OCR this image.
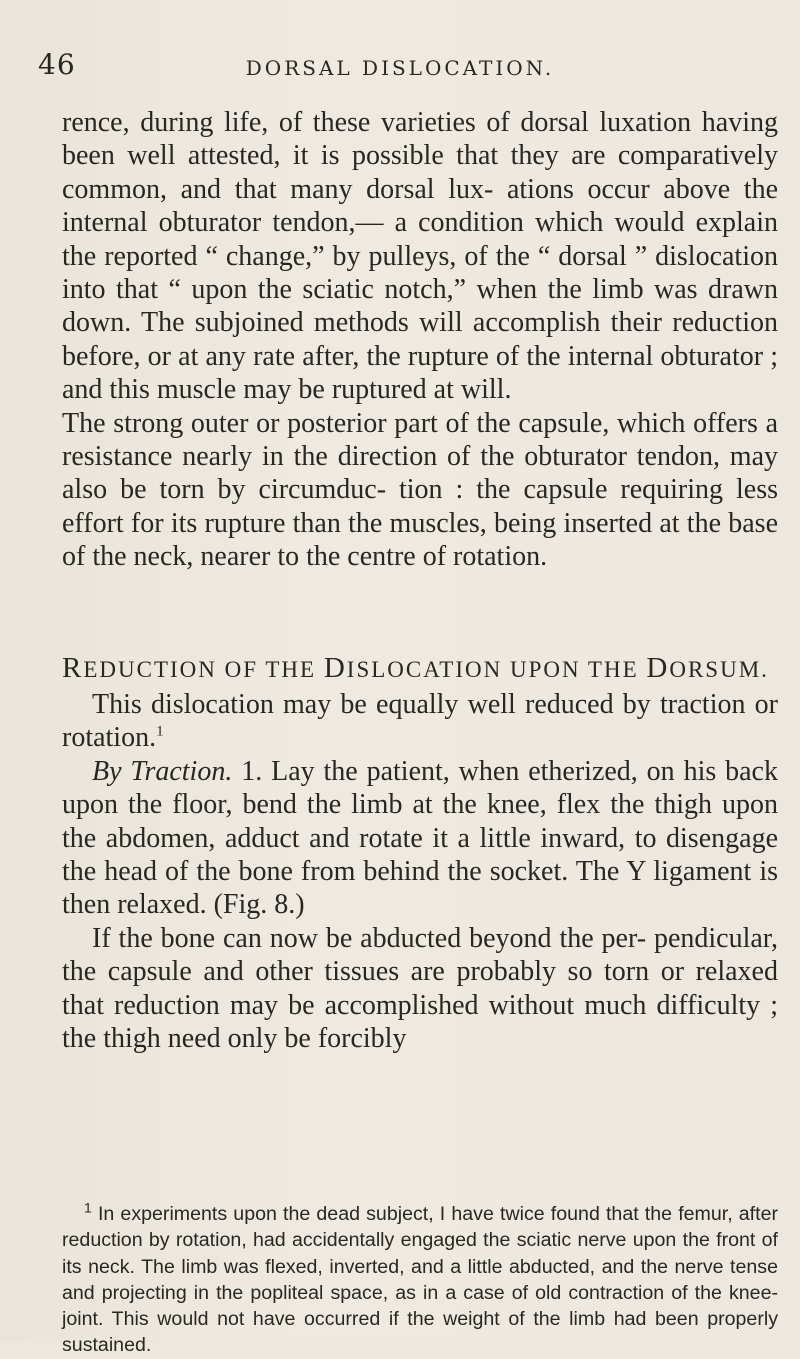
46	DORSAL DISLOCATION.

rence, during life, of these varieties of dorsal luxation having been well attested, it is possible that they are comparatively common, and that many dorsal lux- ations occur above the internal obturator tendon,— a condition which would explain the reported “ change,” by pulleys, of the “ dorsal ” dislocation into that “ upon the sciatic notch,” when the limb was drawn down. The subjoined methods will accomplish their reduction before, or at any rate after, the rupture of the internal obturator ; and this muscle may be ruptured at will.

The strong outer or posterior part of the capsule, which offers a resistance nearly in the direction of the obturator tendon, may also be torn by circumduc- tion : the capsule requiring less effort for its rupture than the muscles, being inserted at the base of the neck, nearer to the centre of rotation.

REDUCTION OF THE DISLOCATION UPON THE DORSUM.

This dislocation may be equally well reduced by traction or rotation.$^1$

By Traction. 1. Lay the patient, when etherized, on his back upon the floor, bend the limb at the knee, flex the thigh upon the abdomen, adduct and rotate it a little inward, to disengage the head of the bone from behind the socket. The Y ligament is then relaxed. (Fig. 8.)

If the bone can now be abducted beyond the per- pendicular, the capsule and other tissues are probably so torn or relaxed that reduction may be accomplished without much difficulty ; the thigh need only be forcibly

$^1$ In experiments upon the dead subject, I have twice found that the femur, after reduction by rotation, had accidentally engaged the sciatic nerve upon the front of its neck. The limb was flexed, inverted, and a little abducted, and the nerve tense and projecting in the popliteal space, as in a case of old contraction of the knee-joint. This would not have occurred if the weight of the limb had been properly sustained.
